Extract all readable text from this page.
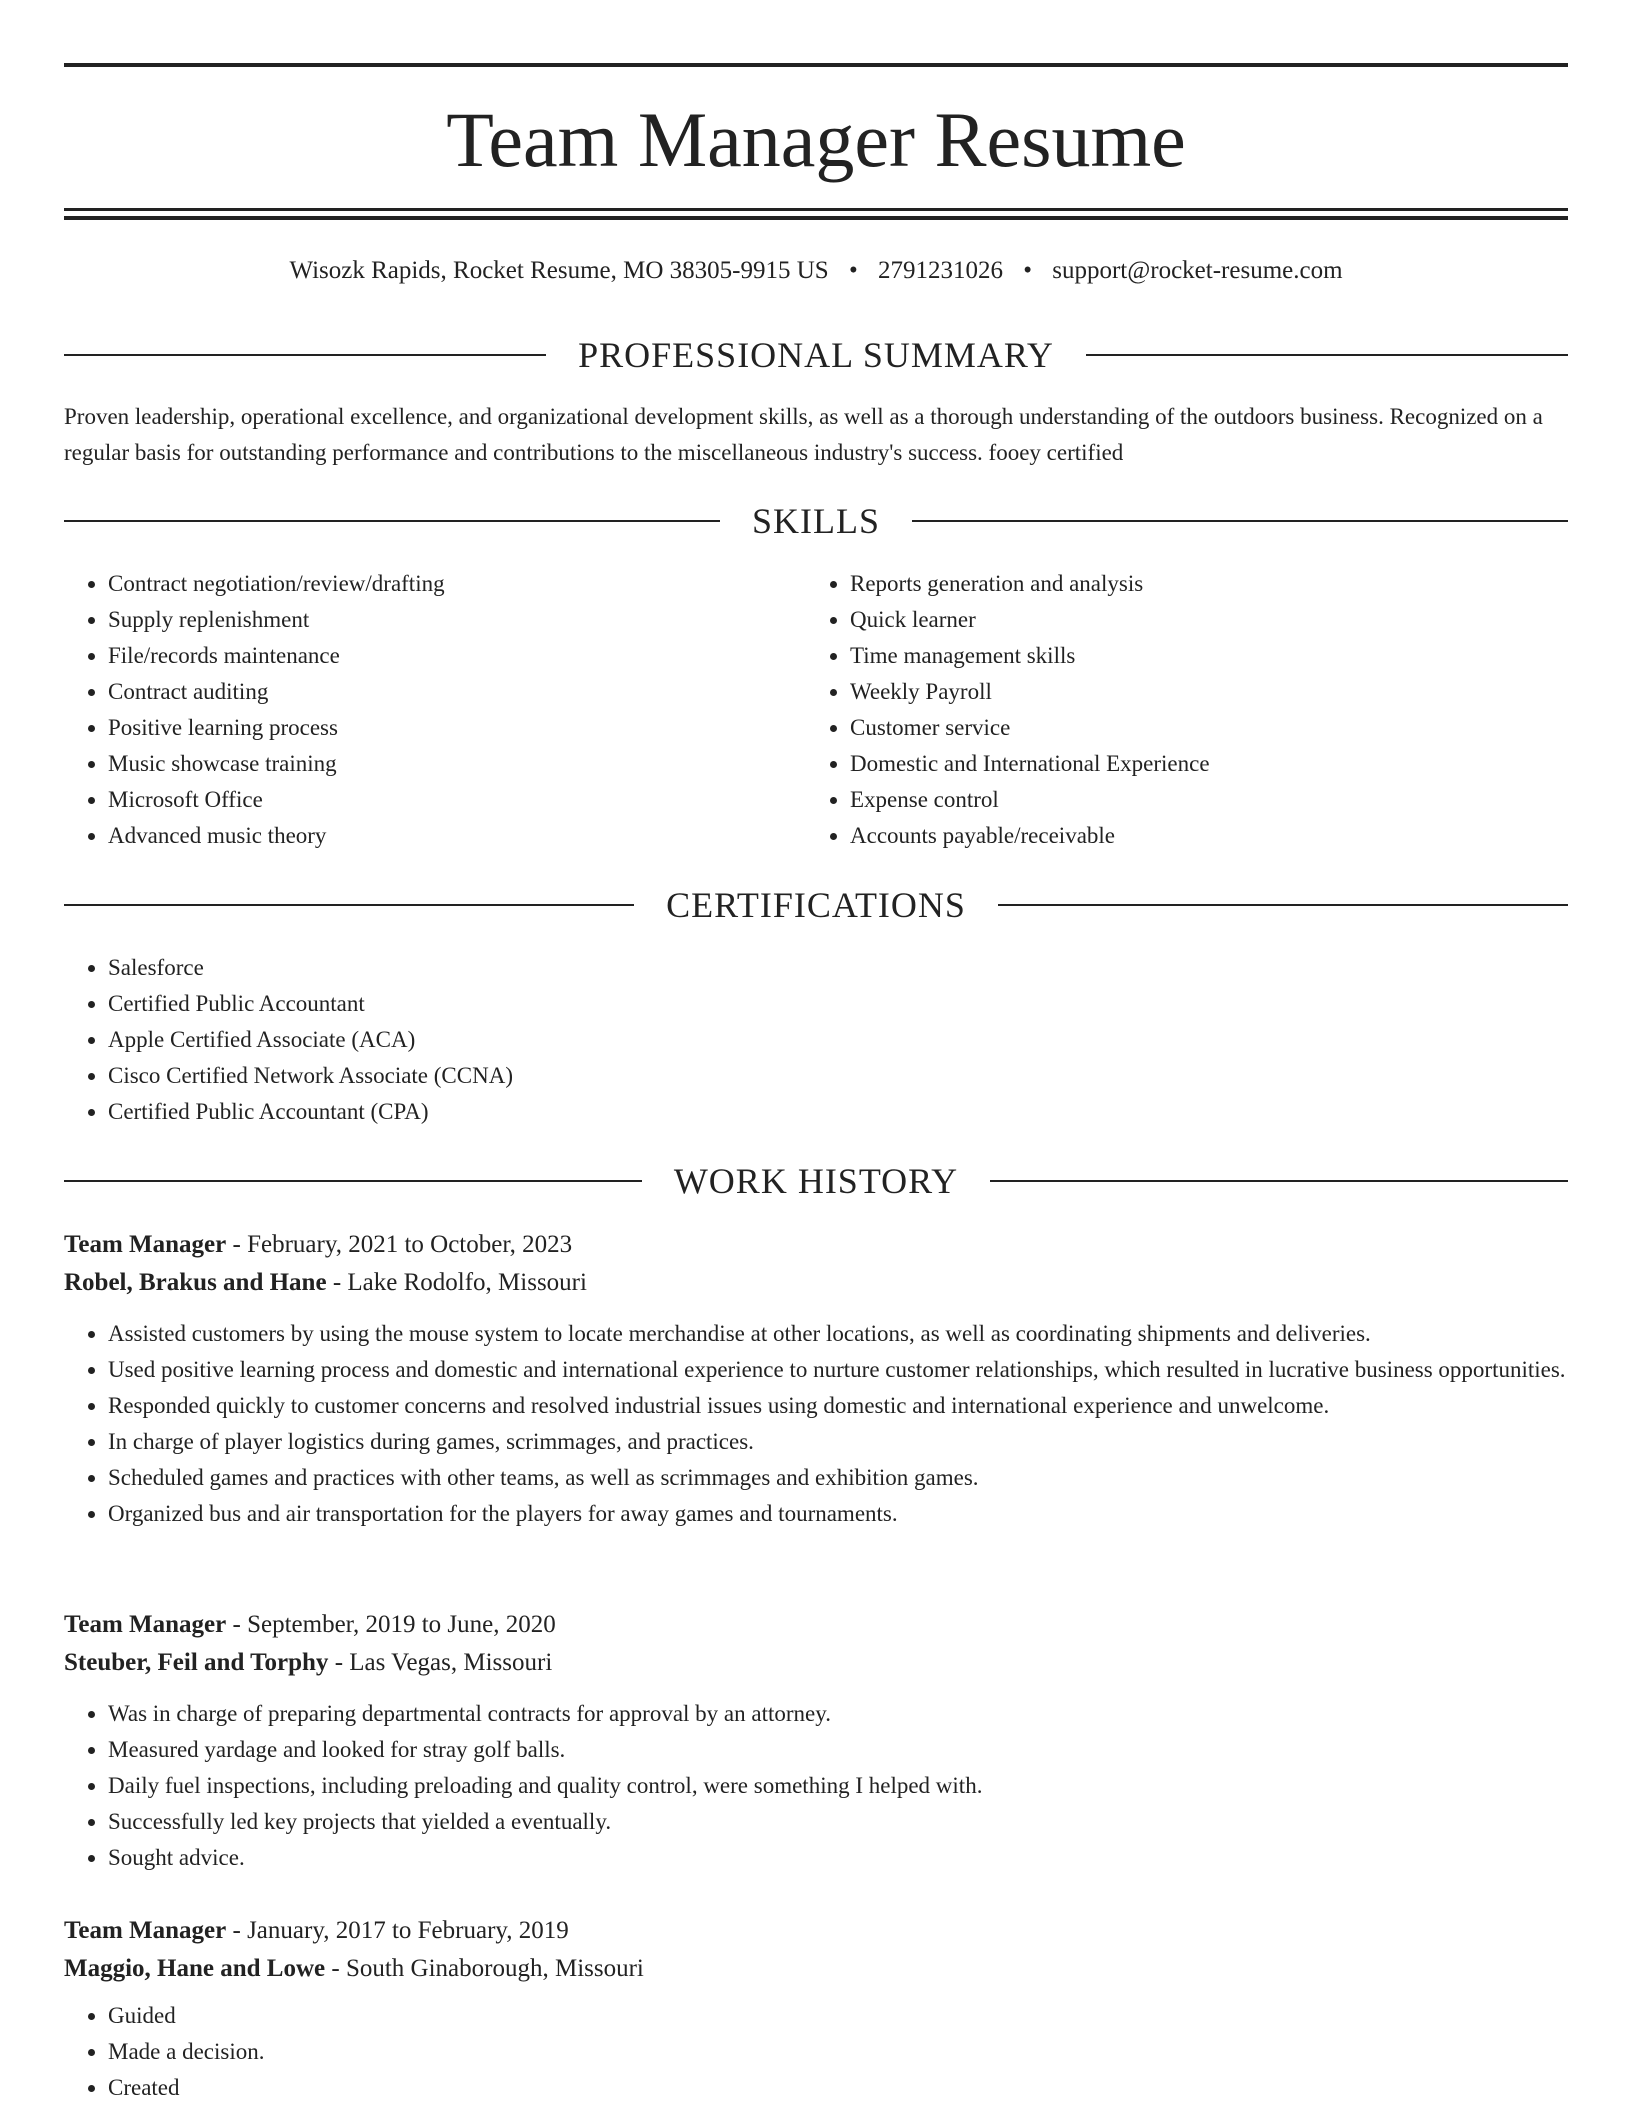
Team Manager Resume
Wisozk Rapids, Rocket Resume, MO 38305-9915 US • 2791231026 • support@rocket-resume.com
PROFESSIONAL SUMMARY

Proven leadership, operational excellence, and organizational development skills, as well as a thorough understanding of the outdoors business. Recognized on a regular basis for outstanding performance and contributions to the miscellaneous industry's success. fooey certified

SKILLS
• Contract negotiation/review/drafting
• Supply replenishment
• File/records maintenance
• Contract auditing
• Positive learning process
• Music showcase training
• Microsoft Office
• Advanced music theory
• Reports generation and analysis
• Quick learner
• Time management skills
• Weekly Payroll
• Customer service
• Domestic and International Experience
• Expense control
• Accounts payable/receivable
CERTIFICATIONS
• Salesforce
• Certified Public Accountant
• Apple Certified Associate (ACA)
• Cisco Certified Network Associate (CCNA)
• Certified Public Accountant (CPA)
WORK HISTORY
Team Manager - February, 2021 to October, 2023
Robel, Brakus and Hane - Lake Rodolfo, Missouri
• Assisted customers by using the mouse system to locate merchandise at other locations, as well as coordinating shipments and deliveries.
• Used positive learning process and domestic and international experience to nurture customer relationships, which resulted in lucrative business opportunities.
• Responded quickly to customer concerns and resolved industrial issues using domestic and international experience and unwelcome.
• In charge of player logistics during games, scrimmages, and practices.
• Scheduled games and practices with other teams, as well as scrimmages and exhibition games.
• Organized bus and air transportation for the players for away games and tournaments.
Team Manager - September, 2019 to June, 2020
Steuber, Feil and Torphy - Las Vegas, Missouri
• Was in charge of preparing departmental contracts for approval by an attorney.
• Measured yardage and looked for stray golf balls.
• Daily fuel inspections, including preloading and quality control, were something I helped with.
• Successfully led key projects that yielded a eventually.
• Sought advice.
Team Manager - January, 2017 to February, 2019
Maggio, Hane and Lowe - South Ginaborough, Missouri
• Guided
• Made a decision.
• Created
